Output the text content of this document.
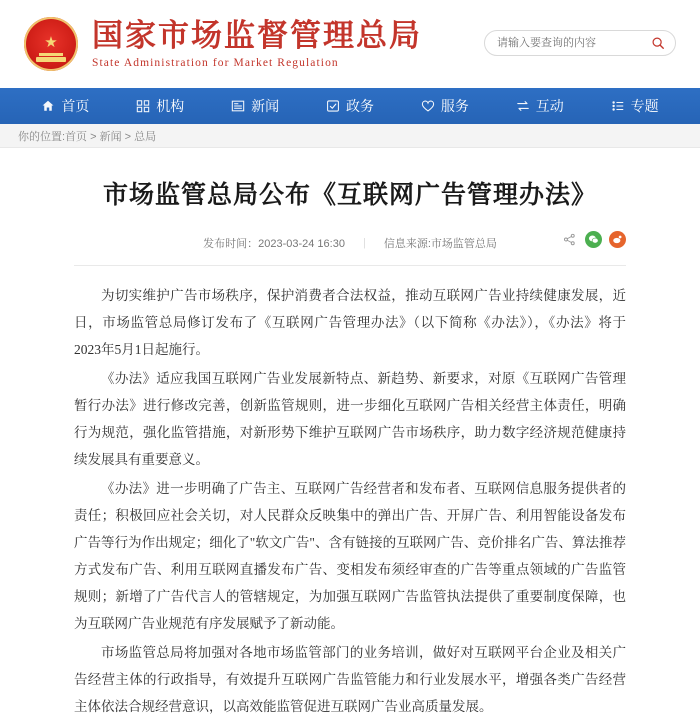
★ 国家市场监督管理总局
State Administration for Market Regulation
请输入要查询的内容
首页	机构	新闻	政务	服务	互动	专题
你的位置:首页 > 新闻 > 总局
市场监管总局公布《互联网广告管理办法》
发布时间：2023-03-24 16:30 | 信息来源:市场监管总局

为切实维护广告市场秩序，保护消费者合法权益，推动互联网广告业持续健康发展，近日，市场监管总局修订发布了《互联网广告管理办法》（以下简称《办法》），《办法》将于2023年5月1日起施行。

《办法》适应我国互联网广告业发展新特点、新趋势、新要求，对原《互联网广告管理暂行办法》进行修改完善，创新监管规则，进一步细化互联网广告相关经营主体责任，明确行为规范，强化监管措施，对新形势下维护互联网广告市场秩序，助力数字经济规范健康持续发展具有重要意义。

《办法》进一步明确了广告主、互联网广告经营者和发布者、互联网信息服务提供者的责任；积极回应社会关切，对人民群众反映集中的弹出广告、开屏广告、利用智能设备发布广告等行为作出规定；细化了"软文广告"、含有链接的互联网广告、竞价排名广告、算法推荐方式发布广告、利用互联网直播发布广告、变相发布须经审查的广告等重点领域的广告监管规则；新增了广告代言人的管辖规定，为加强互联网广告监管执法提供了重要制度保障，也为互联网广告业规范有序发展赋予了新动能。

市场监管总局将加强对各地市场监管部门的业务培训，做好对互联网平台企业及相关广告经营主体的行政指导，有效提升互联网广告监管能力和行业发展水平，增强各类广告经营主体依法合规经营意识，以高效能监管促进互联网广告业高质量发展。
